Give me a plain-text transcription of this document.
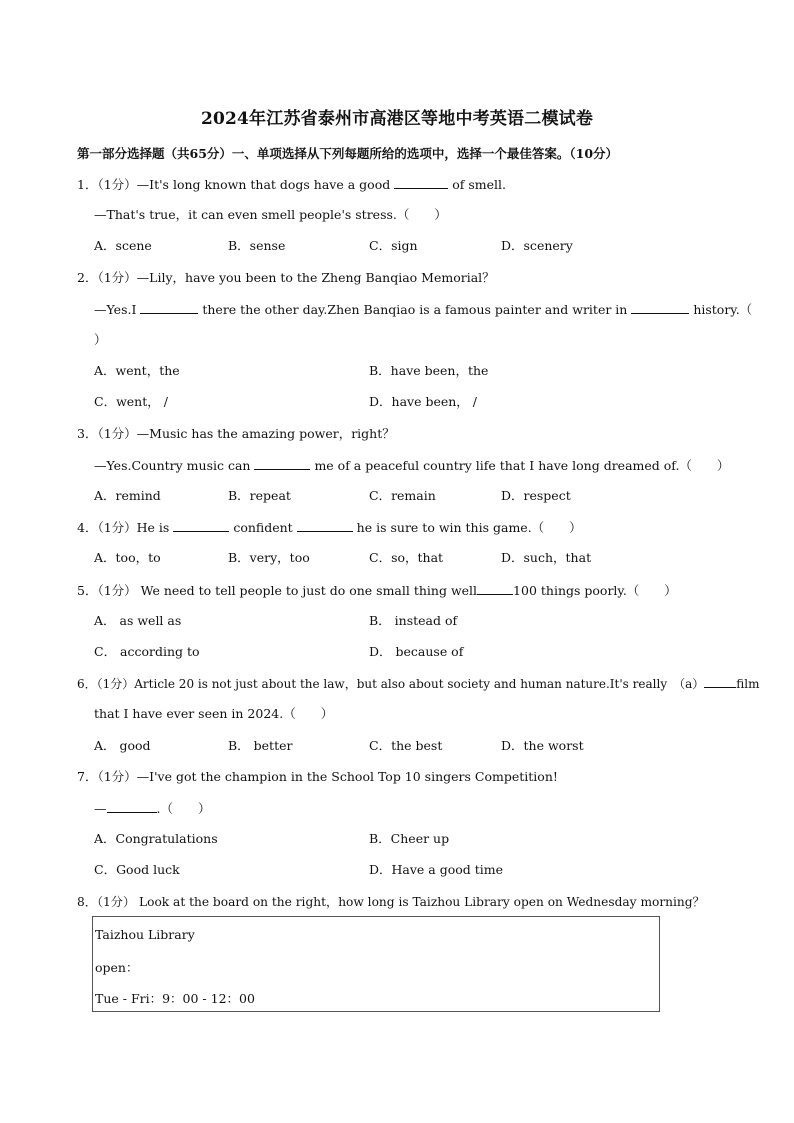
2024年江苏省泰州市高港区等地中考英语二模试卷
第一部分选择题（共65分）一、单项选择从下列每题所给的选项中，选择一个最佳答案。（10分）
1．（1分）—It's long known that dogs have a good	of smell.
—That's true，it can even smell people's stress.（　　）
A．scene	B．sense	C．sign	D．scenery
2．（1分）—Lily，have you been to the Zheng Banqiao Memorial？
—Yes.I	there the other day.Zhen Banqiao is a famous painter and writer in	history.（
）
A．went，the	B．have been，the
C．went， /	D．have been， /
3．（1分）—Music has the amazing power，right？
—Yes.Country music can	me of a peaceful country life that I have long dreamed of.（　　）
A．remind	B．repeat	C．remain	D．respect
4．（1分）He is	confident	he is sure to win this game.（　　）
A．too，to	B．very，too	C．so，that	D．such，that
5．（1分） We need to tell people to just do one small thing well	100 things poorly.（　　）
A． as well as	B． instead of
C． according to	D． because of
6．（1分）Article 20 is not just about the law，but also about society and human nature.It's really　（a）	film
that I have ever seen in 2024.（　　）
A． good	B． better	C．the best	D．the worst
7．（1分）—I've got the champion in the School Top 10 singers Competition!
—	.（　　）
A．Congratulations	B．Cheer up
C．Good luck	D．Have a good time
8．（1分） Look at the board on the right，how long is Taizhou Library open on Wednesday morning？
Taizhou Library
open：
Tue - Fri：9：00 - 12：00
